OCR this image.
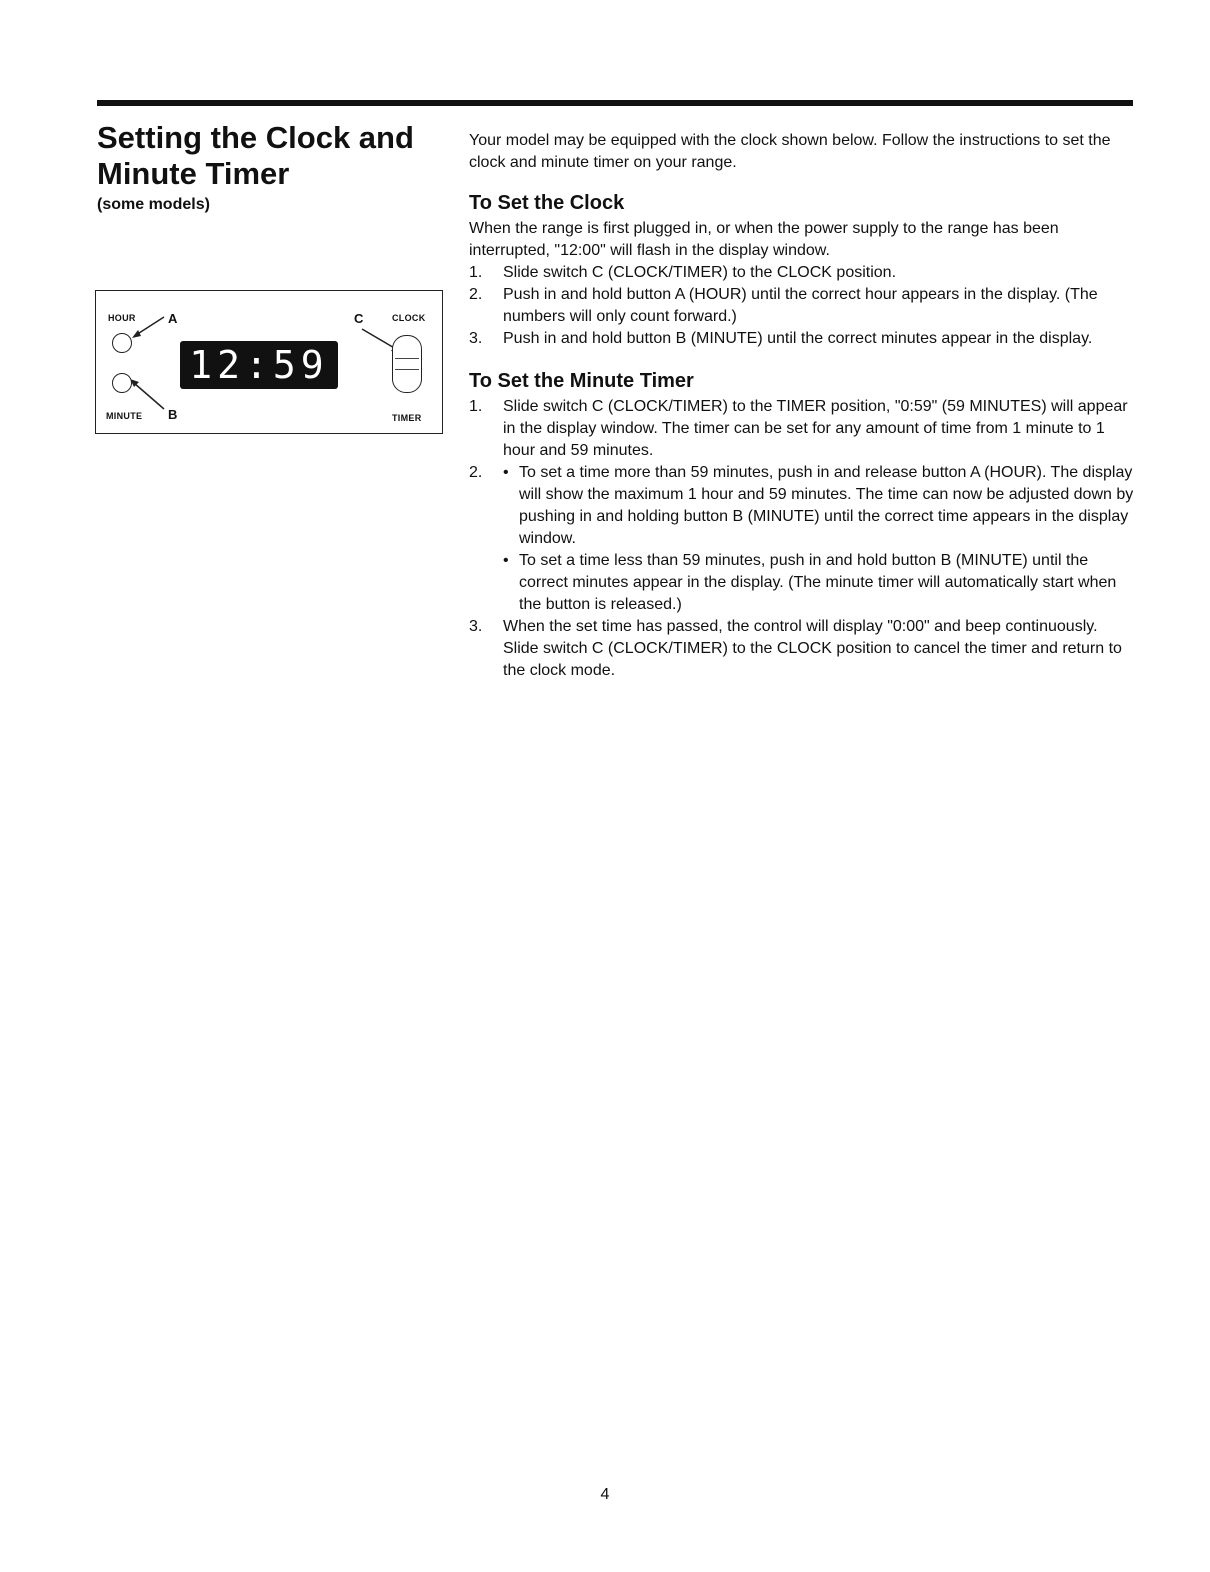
Setting the Clock and
Minute Timer
(some models)
HOUR A
MINUTE B
12:59
C	CLOCK
TIMER

Your model may be equipped with the clock shown below. Follow the instructions to set the clock and minute timer on your range.

To Set the Clock

When the range is first plugged in, or when the power supply to the range has been interrupted, "12:00" will flash in the display window.

1. Slide switch C (CLOCK/TIMER) to the CLOCK position.
2. Push in and hold button A (HOUR) until the correct hour appears in the display. (The numbers will only count forward.)
3. Push in and hold button B (MINUTE) until the correct minutes appear in the display.
To Set the Minute Timer
1. Slide switch C (CLOCK/TIMER) to the TIMER position, "0:59" (59 MINUTES) will appear in the display window. The timer can be set for any amount of time from 1 minute to 1 hour and 59 minutes.
2. • To set a time more than 59 minutes, push in and release button A (HOUR). The display will show the maximum 1 hour and 59 minutes. The time can now be adjusted down by pushing in and holding button B (MINUTE) until the correct time appears in the display window.
• To set a time less than 59 minutes, push in and hold button B (MINUTE) until the correct minutes appear in the display. (The minute timer will automatically start when the button is released.)
3. When the set time has passed, the control will display "0:00" and beep continuously. Slide switch C (CLOCK/TIMER) to the CLOCK position to cancel the timer and return to the clock mode.
4
